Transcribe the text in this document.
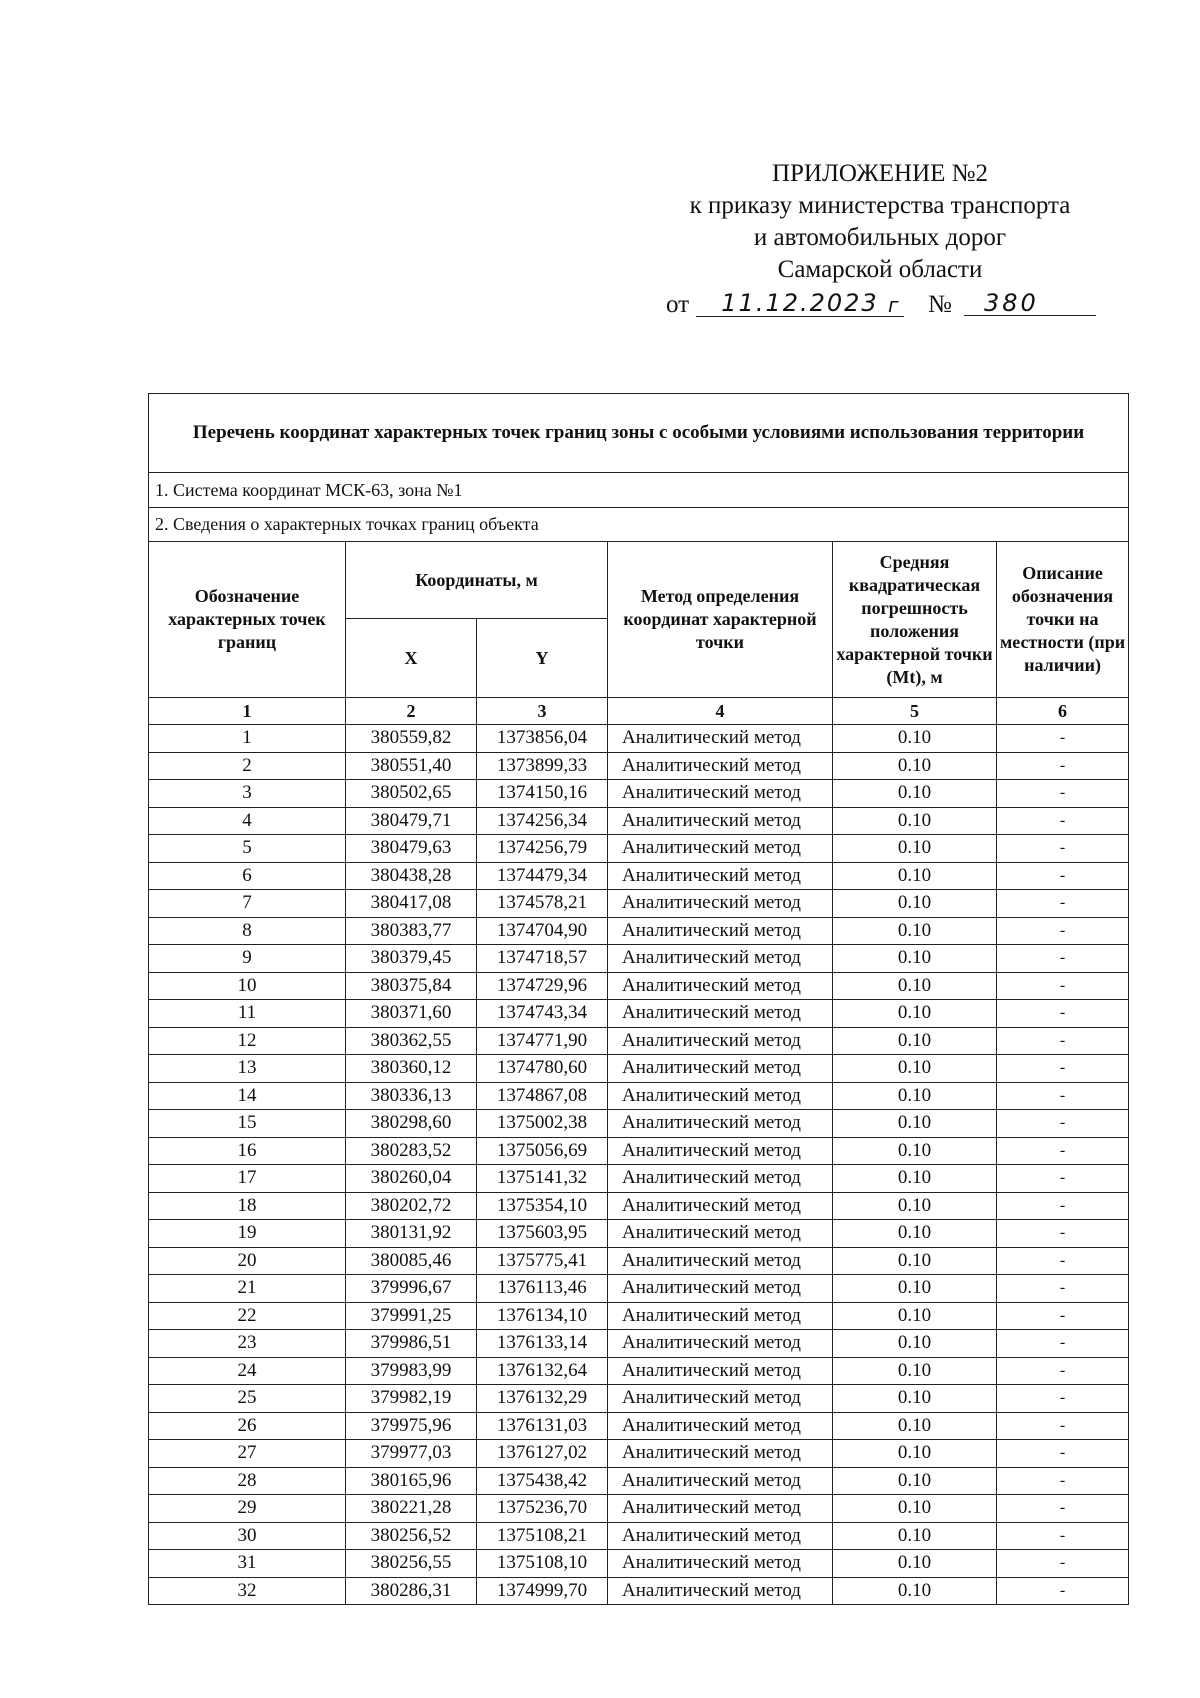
ПРИЛОЖЕНИЕ №2
к приказу министерства транспорта
и автомобильных дорог
Самарской области
от	11.12.2023 г №	380
Перечень координат характерных точек границ зоны с особыми условиями использования территории					
1. Система координат МСК-63, зона №1					
2. Сведения о характерных точках границ объекта					
Обозначение характерных точек границ	Координаты, м		Метод определения координат характерной точки	Средняя квадратическая погрешность положения характерной точки (Mt), м	Описание обозначения точки на местности (при наличии)
	X	Y			
1	2	3	4	5	6
1	380559,82	1373856,04	Аналитический метод	0.10	-
2	380551,40	1373899,33	Аналитический метод	0.10	-
3	380502,65	1374150,16	Аналитический метод	0.10	-
4	380479,71	1374256,34	Аналитический метод	0.10	-
5	380479,63	1374256,79	Аналитический метод	0.10	-
6	380438,28	1374479,34	Аналитический метод	0.10	-
7	380417,08	1374578,21	Аналитический метод	0.10	-
8	380383,77	1374704,90	Аналитический метод	0.10	-
9	380379,45	1374718,57	Аналитический метод	0.10	-
10	380375,84	1374729,96	Аналитический метод	0.10	-
11	380371,60	1374743,34	Аналитический метод	0.10	-
12	380362,55	1374771,90	Аналитический метод	0.10	-
13	380360,12	1374780,60	Аналитический метод	0.10	-
14	380336,13	1374867,08	Аналитический метод	0.10	-
15	380298,60	1375002,38	Аналитический метод	0.10	-
16	380283,52	1375056,69	Аналитический метод	0.10	-
17	380260,04	1375141,32	Аналитический метод	0.10	-
18	380202,72	1375354,10	Аналитический метод	0.10	-
19	380131,92	1375603,95	Аналитический метод	0.10	-
20	380085,46	1375775,41	Аналитический метод	0.10	-
21	379996,67	1376113,46	Аналитический метод	0.10	-
22	379991,25	1376134,10	Аналитический метод	0.10	-
23	379986,51	1376133,14	Аналитический метод	0.10	-
24	379983,99	1376132,64	Аналитический метод	0.10	-
25	379982,19	1376132,29	Аналитический метод	0.10	-
26	379975,96	1376131,03	Аналитический метод	0.10	-
27	379977,03	1376127,02	Аналитический метод	0.10	-
28	380165,96	1375438,42	Аналитический метод	0.10	-
29	380221,28	1375236,70	Аналитический метод	0.10	-
30	380256,52	1375108,21	Аналитический метод	0.10	-
31	380256,55	1375108,10	Аналитический метод	0.10	-
32	380286,31	1374999,70	Аналитический метод	0.10	-
